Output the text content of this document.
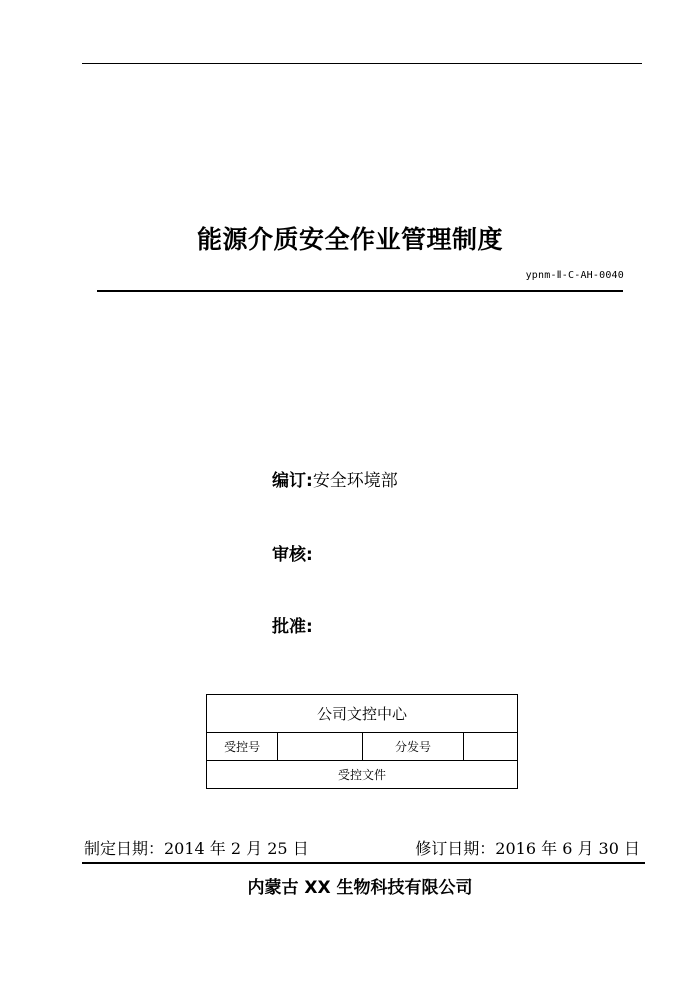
能源介质安全作业管理制度
ypnm-Ⅱ-C-AH-0040
编订:安全环境部
审核:
批准:
公司文控中心
受控号		分发号	
受控文件
制定日期：2014 年 2 月 25 日	修订日期：2016 年 6 月 30 日
内蒙古 XX 生物科技有限公司
